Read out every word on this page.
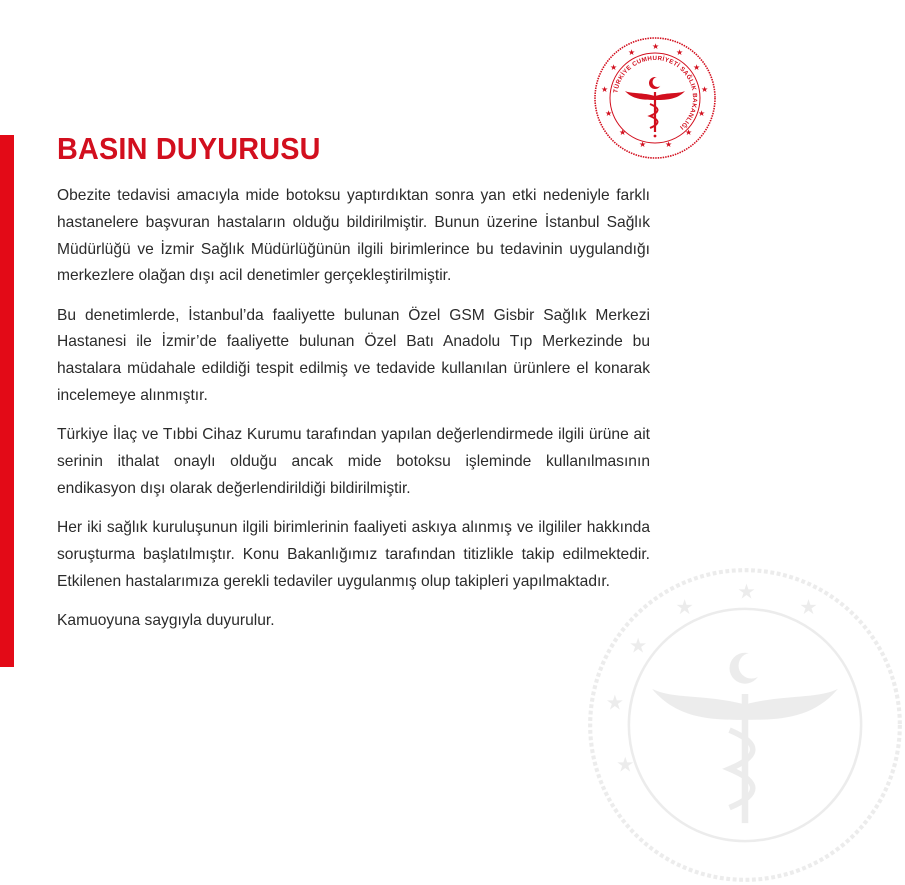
★
★
★
★
★
★
★
★
★
★
★
★
★
TÜRKİYE CUMHURİYETİ SAĞLIK BAKANLIĞI
★
★
★
★
★
★
BASIN DUYURUSU

Obezite tedavisi amacıyla mide botoksu yaptırdıktan sonra yan etki nedeniyle farklı hastanelere başvuran hastaların olduğu bildirilmiştir. Bunun üzerine İstanbul Sağlık Müdürlüğü ve İzmir Sağlık Müdürlüğünün ilgili birimlerince bu tedavinin uygulandığı merkezlere olağan dışı acil denetimler gerçekleştirilmiştir.

Bu denetimlerde, İstanbul’da faaliyette bulunan Özel GSM Gisbir Sağlık Merkezi Hastanesi ile İzmir’de faaliyette bulunan Özel Batı Anadolu Tıp Merkezinde bu hastalara müdahale edildiği tespit edilmiş ve tedavide kullanılan ürünlere el konarak incelemeye alınmıştır.

Türkiye İlaç ve Tıbbi Cihaz Kurumu tarafından yapılan değerlendirmede ilgili ürüne ait serinin ithalat onaylı olduğu ancak mide botoksu işleminde kullanılmasının endikasyon dışı olarak değerlendirildiği bildirilmiştir.

Her iki sağlık kuruluşunun ilgili birimlerinin faaliyeti askıya alınmış ve ilgililer hakkında soruşturma başlatılmıştır. Konu Bakanlığımız tarafından titizlikle takip edilmektedir. Etkilenen hastalarımıza gerekli tedaviler uygulanmış olup takipleri yapılmaktadır.

Kamuoyuna saygıyla duyurulur.
